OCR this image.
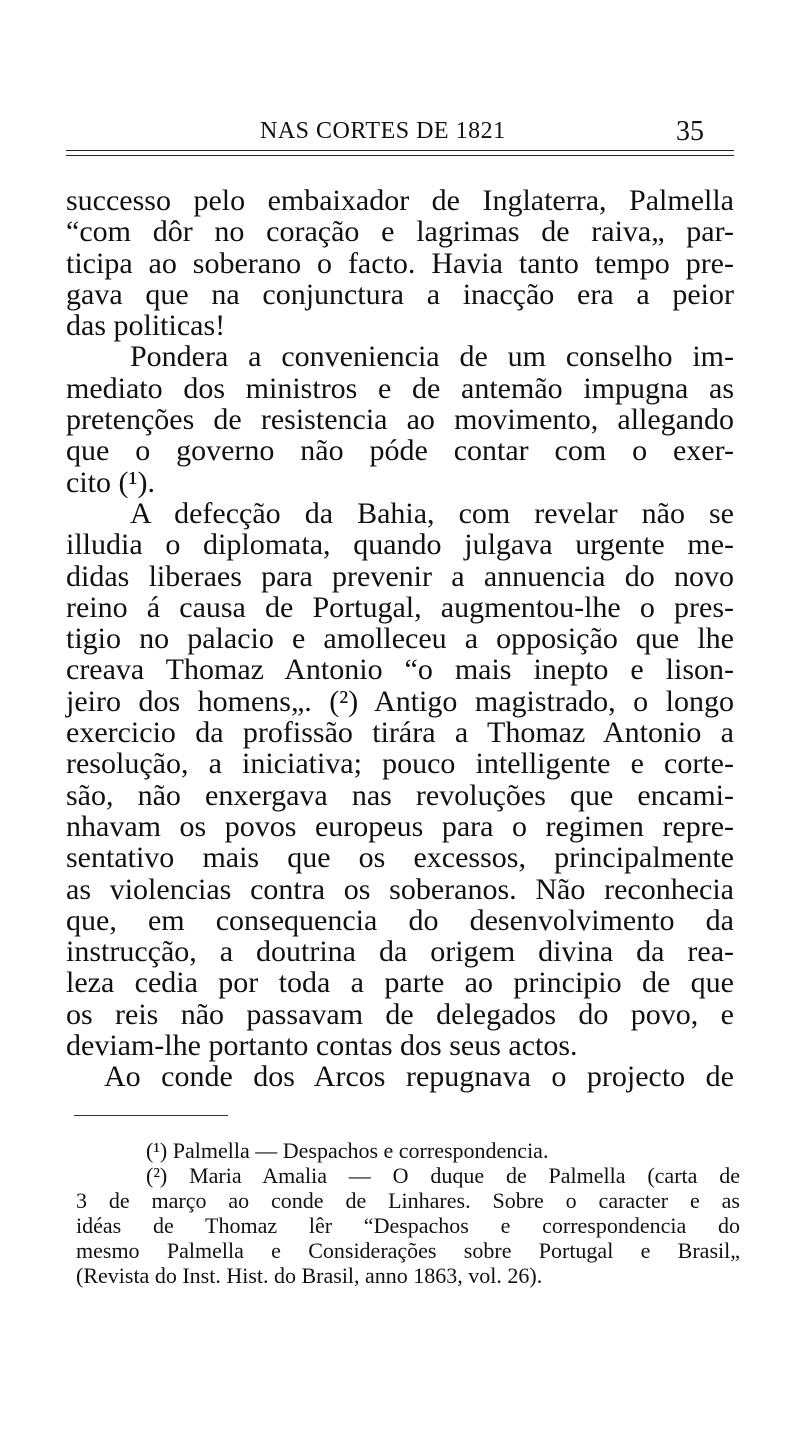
NAS CORTES DE 1821	35
successo pelo embaixador de Inglaterra, Palmella
“com dôr no coração e lagrimas de raiva„ par-
ticipa ao soberano o facto. Havia tanto tempo pre-
gava que na conjunctura a inacção era a peior
das politicas!
Pondera a conveniencia de um conselho im-
mediato dos ministros e de antemão impugna as
pretenções de resistencia ao movimento, allegando
que o governo não póde contar com o exer-
cito (¹).
A defecção da Bahia, com revelar não se
illudia o diplomata, quando julgava urgente me-
didas liberaes para prevenir a annuencia do novo
reino á causa de Portugal, augmentou-lhe o pres-
tigio no palacio e amolleceu a opposição que lhe
creava Thomaz Antonio “o mais inepto e lison-
jeiro dos homens„. (²) Antigo magistrado, o longo
exercicio da profissão tirára a Thomaz Antonio a
resolução, a iniciativa; pouco intelligente e corte-
são, não enxergava nas revoluções que encami-
nhavam os povos europeus para o regimen repre-
sentativo mais que os excessos, principalmente
as violencias contra os soberanos. Não reconhecia
que, em consequencia do desenvolvimento da
instrucção, a doutrina da origem divina da rea-
leza cedia por toda a parte ao principio de que
os reis não passavam de delegados do povo, e
deviam-lhe portanto contas dos seus actos.
Ao conde dos Arcos repugnava o projecto de
(¹) Palmella — Despachos e correspondencia.
(²) Maria Amalia — O duque de Palmella (carta de
3 de março ao conde de Linhares. Sobre o caracter e as
idéas de Thomaz lêr “Despachos e correspondencia do
mesmo Palmella e Considerações sobre Portugal e Brasil„
(Revista do Inst. Hist. do Brasil, anno 1863, vol. 26).
